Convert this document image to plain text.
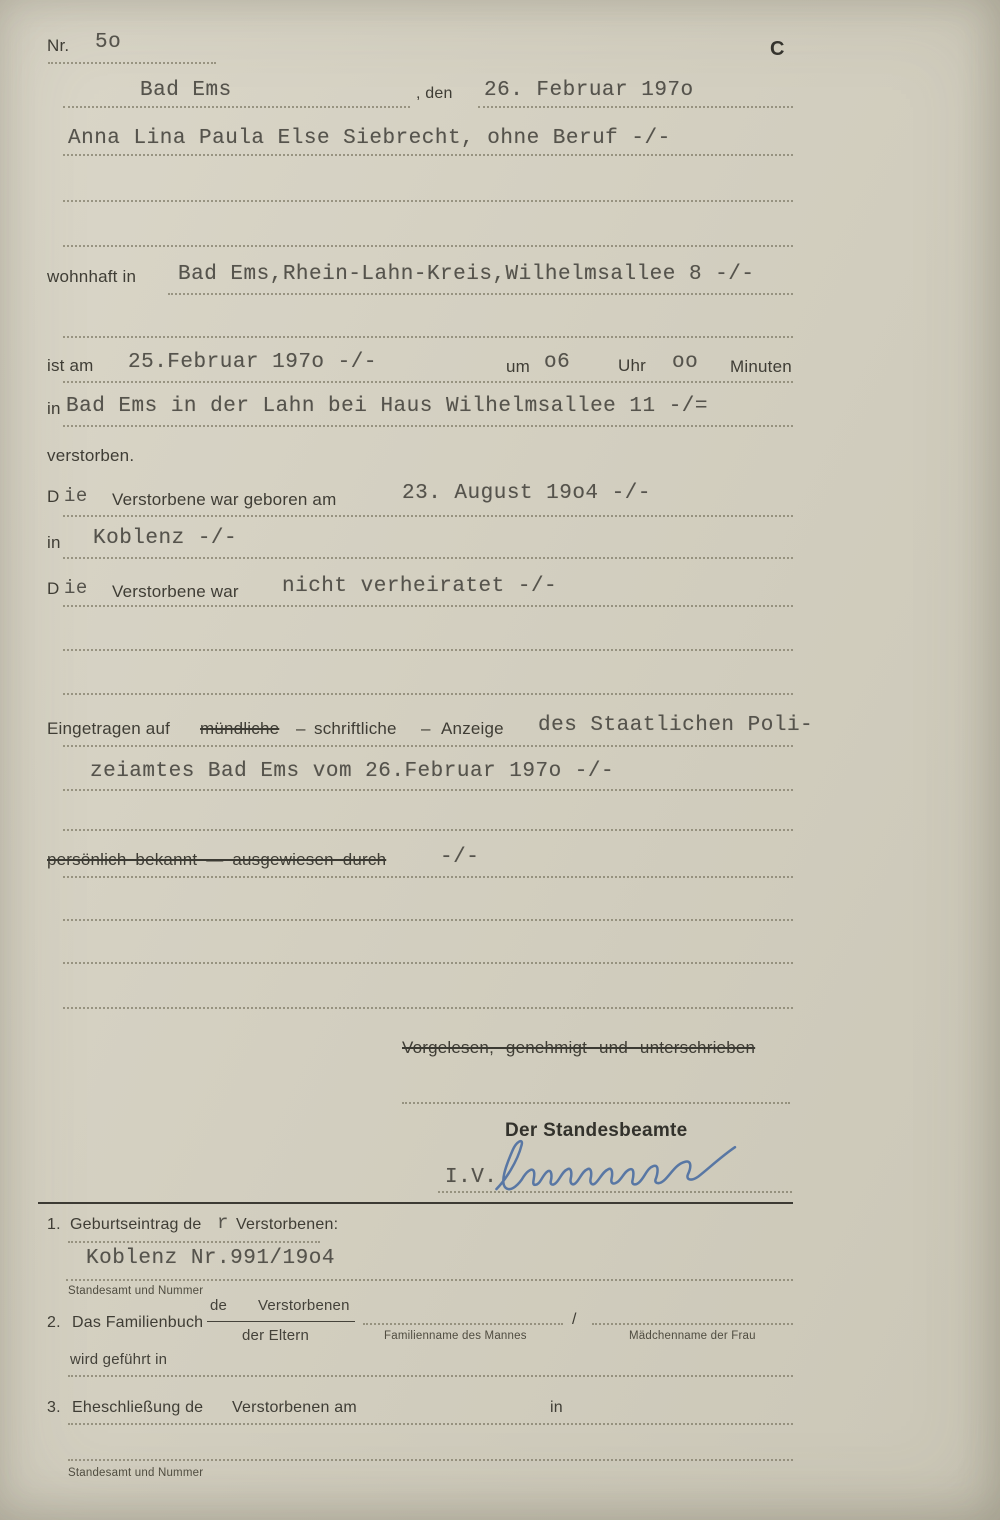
Nr. 5o	C
Bad Ems	, den 26. Februar 197o
Anna Lina Paula Else Siebrecht, ohne Beruf -/-
wohnhaft in Bad Ems,Rhein-Lahn-Kreis,Wilhelmsallee 8 -/-
ist am 25.Februar 197o -/-	um o6	Uhr oo Minuten
in Bad Ems in der Lahn bei Haus Wilhelmsallee 11 -/=
verstorben.
D ie Verstorbene war geboren am	23. August 19o4 -/-
in Koblenz -/-
D ie Verstorbene war nicht verheiratet -/-
Eingetragen auf mündliche – schriftliche – Anzeige des Staatlichen Poli-
zeiamtes Bad Ems vom 26.Februar 197o -/-
persönlich bekannt — ausgewiesen durch	-/-
Vorgelesen, genehmigt und unterschrieben
Der Standesbeamte
I.V.
1. Geburtseintrag de r Verstorbenen:
Koblenz Nr.991/19o4
Standesamt und Nummer
2. Das Familienbuch
de Verstorbenen
der Eltern	Familienname des Mannes
/
Mädchenname der Frau
wird geführt in
3. Eheschließung de Verstorbenen am	in
Standesamt und Nummer
